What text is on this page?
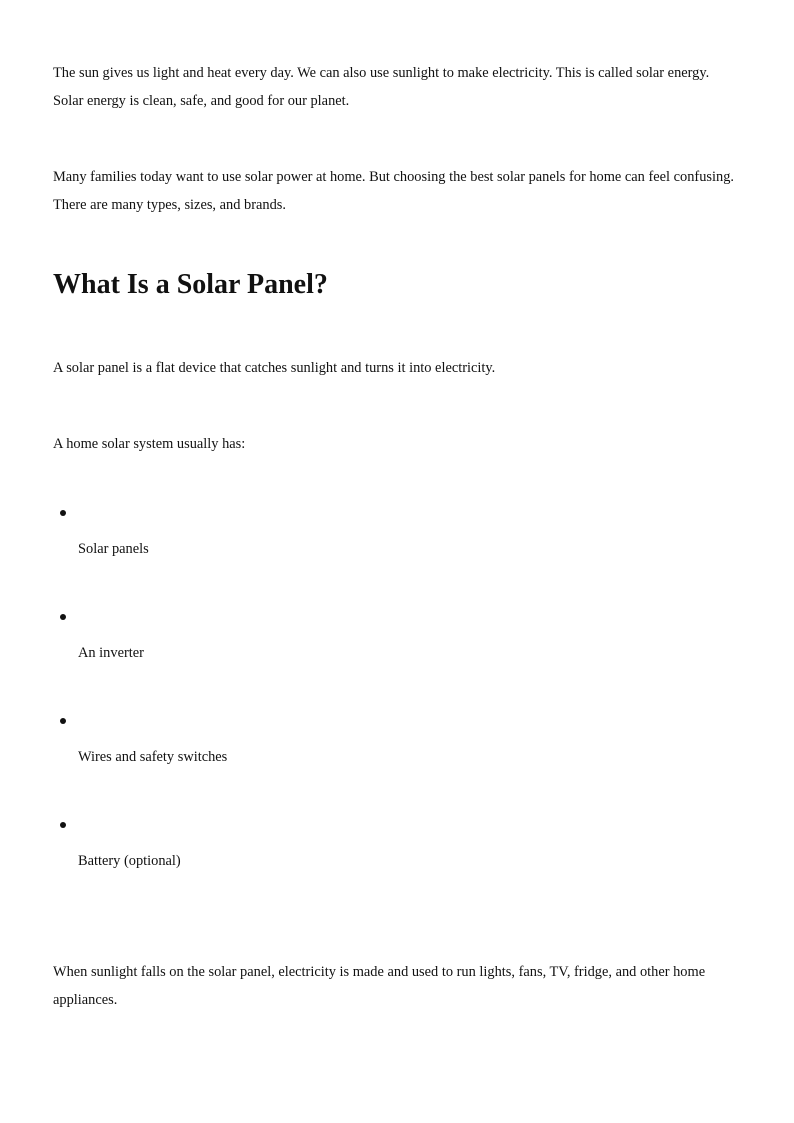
The sun gives us light and heat every day. We can also use sunlight to make electricity. This is called solar energy. Solar energy is clean, safe, and good for our planet.

Many families today want to use solar power at home. But choosing the best solar panels for home can feel confusing. There are many types, sizes, and brands.

What Is a Solar Panel?

A solar panel is a flat device that catches sunlight and turns it into electricity.

A home solar system usually has:

Solar panels
An inverter
Wires and safety switches
Battery (optional)

When sunlight falls on the solar panel, electricity is made and used to run lights, fans, TV, fridge, and other home appliances.
